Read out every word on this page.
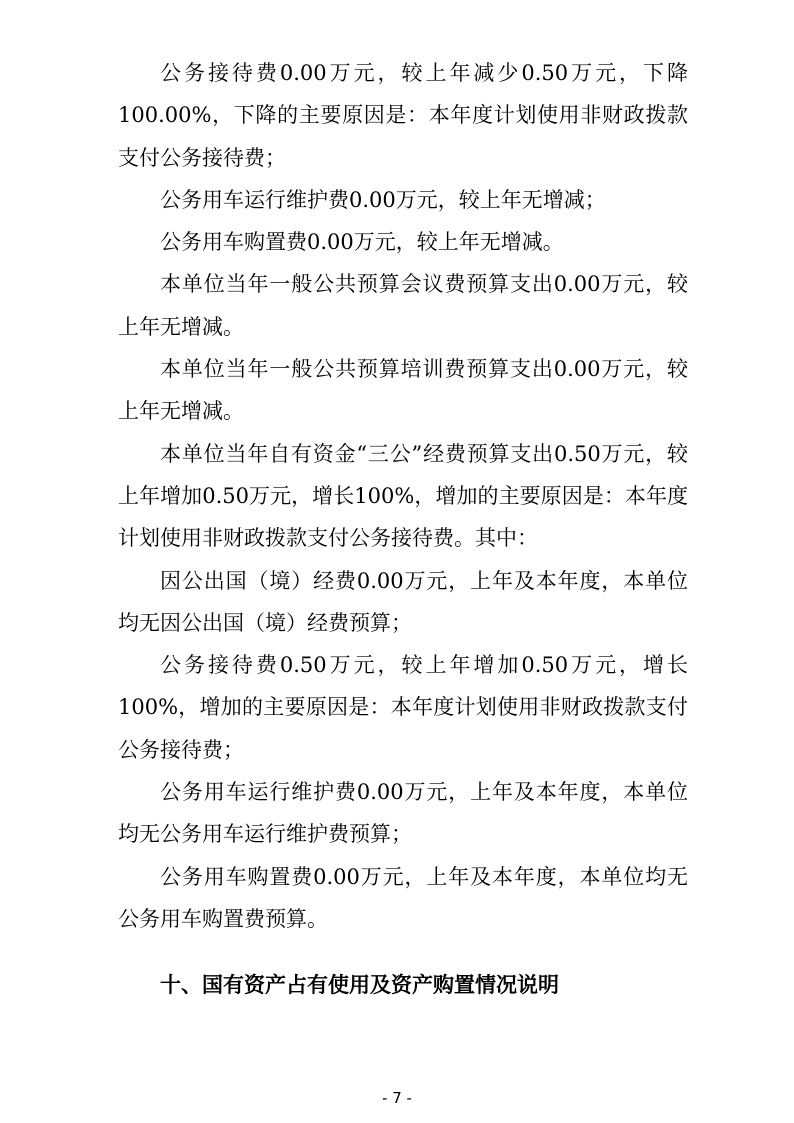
公务接待费0.00万元，较上年减少0.50万元，下降100.00%，下降的主要原因是：本年度计划使用非财政拨款支付公务接待费；

公务用车运行维护费0.00万元，较上年无增减；

公务用车购置费0.00万元，较上年无增减。

本单位当年一般公共预算会议费预算支出0.00万元，较上年无增减。

本单位当年一般公共预算培训费预算支出0.00万元，较上年无增减。

本单位当年自有资金“三公”经费预算支出0.50万元，较上年增加0.50万元，增长100%，增加的主要原因是：本年度计划使用非财政拨款支付公务接待费。其中：

因公出国（境）经费0.00万元，上年及本年度，本单位均无因公出国（境）经费预算；

公务接待费0.50万元，较上年增加0.50万元，增长100%，增加的主要原因是：本年度计划使用非财政拨款支付公务接待费；

公务用车运行维护费0.00万元，上年及本年度，本单位均无公务用车运行维护费预算；

公务用车购置费0.00万元，上年及本年度，本单位均无公务用车购置费预算。

十、国有资产占有使用及资产购置情况说明
- 7 -
